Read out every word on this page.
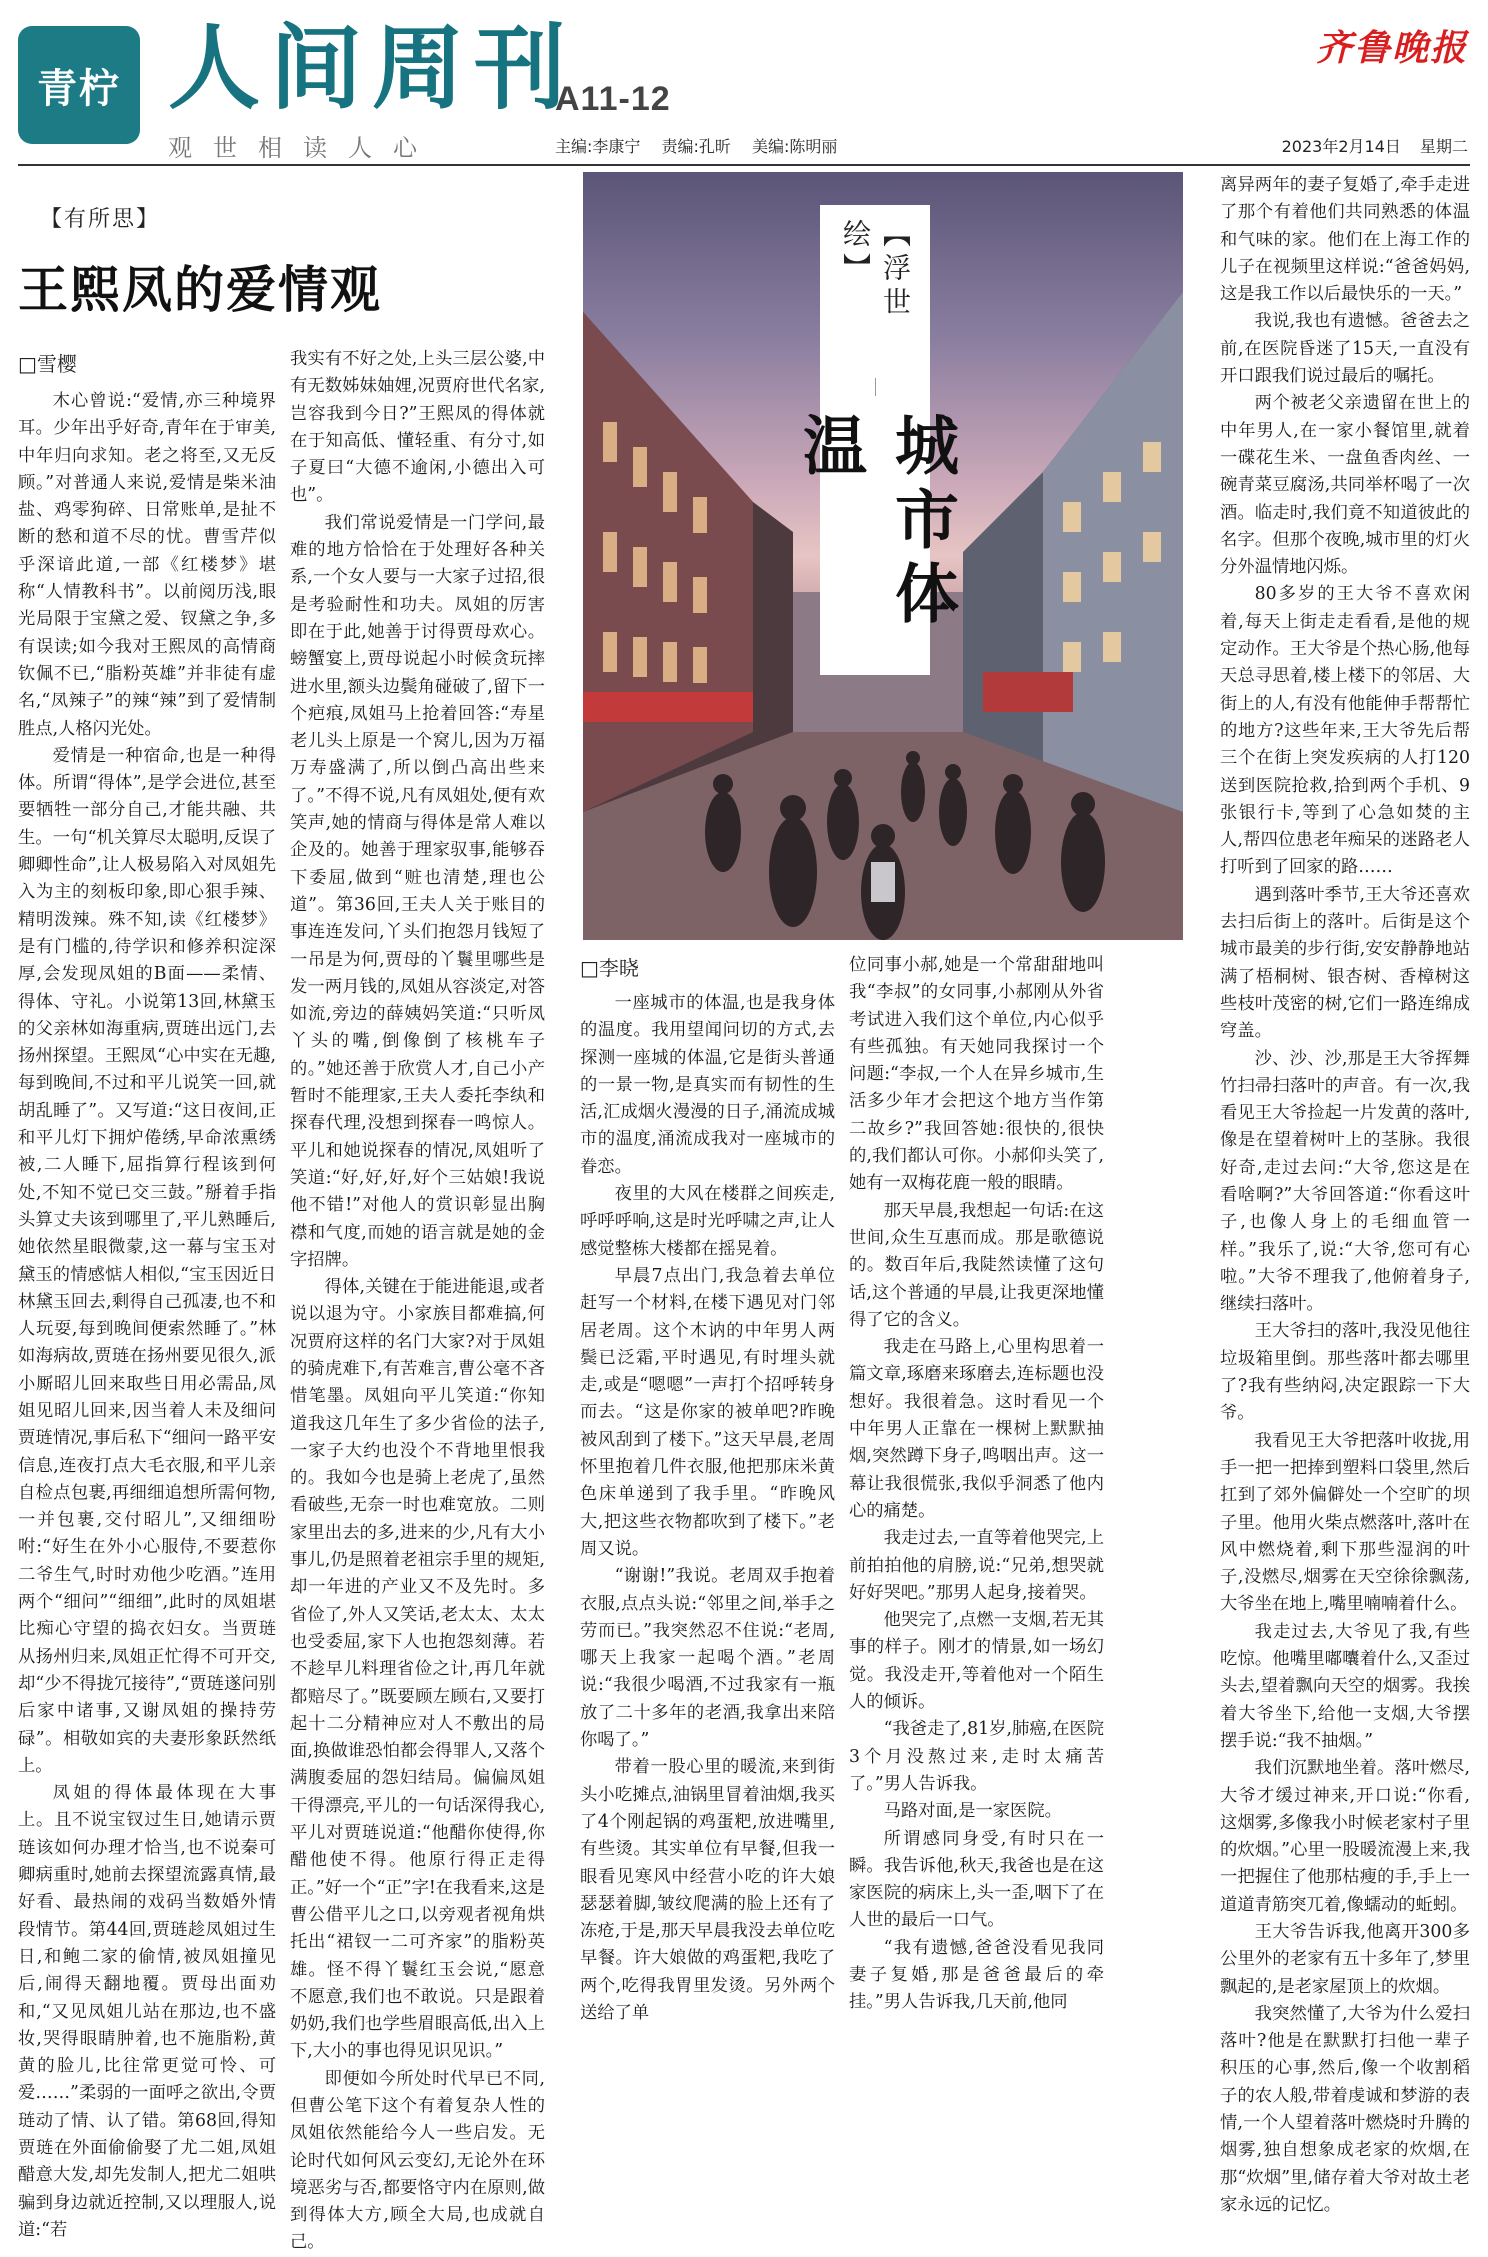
青柠 人间周刊
A11-12
观世相读人心	主编:李康宁 责编:孔昕 美编:陈明丽
齐鲁晚报
2023年2月14日 星期二
【有所思】
王熙凤的爱情观
□雪樱

木心曾说:“爱情,亦三种境界耳。少年出乎好奇,青年在于审美,中年归向求知。老之将至,又无反顾。”对普通人来说,爱情是柴米油盐、鸡零狗碎、日常账单,是扯不断的愁和道不尽的忧。曹雪芹似乎深谙此道,一部《红楼梦》堪称“人情教科书”。以前阅历浅,眼光局限于宝黛之爱、钗黛之争,多有误读;如今我对王熙凤的高情商钦佩不已,“脂粉英雄”并非徒有虚名,“凤辣子”的辣“辣”到了爱情制胜点,人格闪光处。

爱情是一种宿命,也是一种得体。所谓“得体”,是学会进位,甚至要牺牲一部分自己,才能共融、共生。一句“机关算尽太聪明,反误了卿卿性命”,让人极易陷入对凤姐先入为主的刻板印象,即心狠手辣、精明泼辣。殊不知,读《红楼梦》是有门槛的,待学识和修养积淀深厚,会发现凤姐的B面——柔情、得体、守礼。小说第13回,林黛玉的父亲林如海重病,贾琏出远门,去扬州探望。王熙凤“心中实在无趣,每到晚间,不过和平儿说笑一回,就胡乱睡了”。又写道:“这日夜间,正和平儿灯下拥炉倦绣,早命浓熏绣被,二人睡下,屈指算行程该到何处,不知不觉已交三鼓。”掰着手指头算丈夫该到哪里了,平儿熟睡后,她依然星眼微蒙,这一幕与宝玉对黛玉的情感惦人相似,“宝玉因近日林黛玉回去,剩得自己孤凄,也不和人玩耍,每到晚间便索然睡了。”林如海病故,贾琏在扬州要见很久,派小厮昭儿回来取些日用必需品,凤姐见昭儿回来,因当着人未及细问贾琏情况,事后私下“细问一路平安信息,连夜打点大毛衣服,和平儿亲自检点包裹,再细细追想所需何物,一并包裹,交付昭儿”,又细细吩咐:“好生在外小心服侍,不要惹你二爷生气,时时劝他少吃酒。”连用两个“细问”“细细”,此时的凤姐堪比痴心守望的捣衣妇女。当贾琏从扬州归来,凤姐正忙得不可开交,却“少不得拢冗接待”,“贾琏遂问别后家中诸事,又谢凤姐的操持劳碌”。相敬如宾的夫妻形象跃然纸上。

凤姐的得体最体现在大事上。且不说宝钗过生日,她请示贾琏该如何办理才恰当,也不说秦可卿病重时,她前去探望流露真情,最好看、最热闹的戏码当数婚外情段情节。第44回,贾琏趁凤姐过生日,和鲍二家的偷情,被凤姐撞见后,闹得天翻地覆。贾母出面劝和,“又见凤姐儿站在那边,也不盛妆,哭得眼睛肿着,也不施脂粉,黄黄的脸儿,比往常更觉可怜、可爱……”柔弱的一面呼之欲出,令贾琏动了情、认了错。第68回,得知贾琏在外面偷偷娶了尤二姐,凤姐醋意大发,却先发制人,把尤二姐哄骗到身边就近控制,又以理服人,说道:“若

我实有不好之处,上头三层公婆,中有无数姊妹妯娌,况贾府世代名家,岂容我到今日?”王熙凤的得体就在于知高低、懂轻重、有分寸,如子夏曰“大德不逾闲,小德出入可也”。

我们常说爱情是一门学问,最难的地方恰恰在于处理好各种关系,一个女人要与一大家子过招,很是考验耐性和功夫。凤姐的厉害即在于此,她善于讨得贾母欢心。螃蟹宴上,贾母说起小时候贪玩摔进水里,额头边鬓角碰破了,留下一个疤痕,凤姐马上抢着回答:“寿星老儿头上原是一个窝儿,因为万福万寿盛满了,所以倒凸高出些来了。”不得不说,凡有凤姐处,便有欢笑声,她的情商与得体是常人难以企及的。她善于理家驭事,能够吞下委屈,做到“赃也清楚,理也公道”。第36回,王夫人关于账目的事连连发问,丫头们抱怨月钱短了一吊是为何,贾母的丫鬟里哪些是发一两月钱的,凤姐从容淡定,对答如流,旁边的薛姨妈笑道:“只听凤丫头的嘴,倒像倒了核桃车子的。”她还善于欣赏人才,自己小产暂时不能理家,王夫人委托李纨和探春代理,没想到探春一鸣惊人。平儿和她说探春的情况,凤姐听了笑道:“好,好,好,好个三姑娘!我说他不错!”对他人的赏识彰显出胸襟和气度,而她的语言就是她的金字招牌。

得体,关键在于能进能退,或者说以退为守。小家族目都难搞,何况贾府这样的名门大家?对于凤姐的骑虎难下,有苦难言,曹公毫不吝惜笔墨。凤姐向平儿笑道:“你知道我这几年生了多少省俭的法子,一家子大约也没个不背地里恨我的。我如今也是骑上老虎了,虽然看破些,无奈一时也难宽放。二则家里出去的多,进来的少,凡有大小事儿,仍是照着老祖宗手里的规矩,却一年进的产业又不及先时。多省俭了,外人又笑话,老太太、太太也受委屈,家下人也抱怨刻薄。若不趁早儿料理省俭之计,再几年就都赔尽了。”既要顾左顾右,又要打起十二分精神应对人不敷出的局面,换做谁恐怕都会得罪人,又落个满腹委屈的怨妇结局。偏偏凤姐干得漂亮,平儿的一句话深得我心,平儿对贾琏说道:“他醋你使得,你醋他使不得。他原行得正走得正。”好一个“正”字!在我看来,这是曹公借平儿之口,以旁观者视角烘托出“裙钗一二可齐家”的脂粉英雄。怪不得丫鬟红玉会说,“愿意不愿意,我们也不敢说。只是跟着奶奶,我们也学些眉眼高低,出入上下,大小的事也得见识见识。”

即便如今所处时代早已不同,但曹公笔下这个有着复杂人性的凤姐依然能给今人一些启发。无论时代如何风云变幻,无论外在环境恶劣与否,都要恪守内在原则,做到得体大方,顾全大局,也成就自己。

【浮世绘】
城市体温
□李晓

一座城市的体温,也是我身体的温度。我用望闻问切的方式,去探测一座城的体温,它是街头普通的一景一物,是真实而有韧性的生活,汇成烟火漫漫的日子,涌流成城市的温度,涌流成我对一座城市的眷恋。

夜里的大风在楼群之间疾走,呼呼呼响,这是时光呼啸之声,让人感觉整栋大楼都在摇晃着。

早晨7点出门,我急着去单位赶写一个材料,在楼下遇见对门邻居老周。这个木讷的中年男人两鬓已泛霜,平时遇见,有时埋头就走,或是“嗯嗯”一声打个招呼转身而去。“这是你家的被单吧?昨晚被风刮到了楼下。”这天早晨,老周怀里抱着几件衣服,他把那床米黄色床单递到了我手里。“昨晚风大,把这些衣物都吹到了楼下。”老周又说。

“谢谢!”我说。老周双手抱着衣服,点点头说:“邻里之间,举手之劳而已。”我突然忍不住说:“老周,哪天上我家一起喝个酒。”老周说:“我很少喝酒,不过我家有一瓶放了二十多年的老酒,我拿出来陪你喝了。”

带着一股心里的暖流,来到街头小吃摊点,油锅里冒着油烟,我买了4个刚起锅的鸡蛋粑,放进嘴里,有些烫。其实单位有早餐,但我一眼看见寒风中经营小吃的许大娘瑟瑟着脚,皱纹爬满的脸上还有了冻疮,于是,那天早晨我没去单位吃早餐。许大娘做的鸡蛋粑,我吃了两个,吃得我胃里发烫。另外两个送给了单

位同事小郝,她是一个常甜甜地叫我“李叔”的女同事,小郝刚从外省考试进入我们这个单位,内心似乎有些孤独。有天她同我探讨一个问题:“李叔,一个人在异乡城市,生活多少年才会把这个地方当作第二故乡?”我回答她:很快的,很快的,我们都认可你。小郝仰头笑了,她有一双梅花鹿一般的眼睛。

那天早晨,我想起一句话:在这世间,众生互惠而成。那是歌德说的。数百年后,我陡然读懂了这句话,这个普通的早晨,让我更深地懂得了它的含义。

我走在马路上,心里构思着一篇文章,琢磨来琢磨去,连标题也没想好。我很着急。这时看见一个中年男人正靠在一棵树上默默抽烟,突然蹲下身子,鸣咽出声。这一幕让我很慌张,我似乎洞悉了他内心的痛楚。

我走过去,一直等着他哭完,上前拍拍他的肩膀,说:“兄弟,想哭就好好哭吧。”那男人起身,接着哭。

他哭完了,点燃一支烟,若无其事的样子。刚才的情景,如一场幻觉。我没走开,等着他对一个陌生人的倾诉。

“我爸走了,81岁,肺癌,在医院3个月没熬过来,走时太痛苦了。”男人告诉我。

马路对面,是一家医院。

所谓感同身受,有时只在一瞬。我告诉他,秋天,我爸也是在这家医院的病床上,头一歪,咽下了在人世的最后一口气。

“我有遗憾,爸爸没看见我同妻子复婚,那是爸爸最后的牵挂。”男人告诉我,几天前,他同

离异两年的妻子复婚了,牵手走进了那个有着他们共同熟悉的体温和气味的家。他们在上海工作的儿子在视频里这样说:“爸爸妈妈,这是我工作以后最快乐的一天。”

我说,我也有遗憾。爸爸去之前,在医院昏迷了15天,一直没有开口跟我们说过最后的嘱托。

两个被老父亲遗留在世上的中年男人,在一家小餐馆里,就着一碟花生米、一盘鱼香肉丝、一碗青菜豆腐汤,共同举杯喝了一次酒。临走时,我们竟不知道彼此的名字。但那个夜晚,城市里的灯火分外温情地闪烁。

80多岁的王大爷不喜欢闲着,每天上街走走看看,是他的规定动作。王大爷是个热心肠,他每天总寻思着,楼上楼下的邻居、大街上的人,有没有他能伸手帮帮忙的地方?这些年来,王大爷先后帮三个在街上突发疾病的人打120送到医院抢救,拾到两个手机、9张银行卡,等到了心急如焚的主人,帮四位患老年痴呆的迷路老人打听到了回家的路……

遇到落叶季节,王大爷还喜欢去扫后街上的落叶。后街是这个城市最美的步行街,安安静静地站满了梧桐树、银杏树、香樟树这些枝叶茂密的树,它们一路连绵成穹盖。

沙、沙、沙,那是王大爷挥舞竹扫帚扫落叶的声音。有一次,我看见王大爷捡起一片发黄的落叶,像是在望着树叶上的茎脉。我很好奇,走过去问:“大爷,您这是在看啥啊?”大爷回答道:“你看这叶子,也像人身上的毛细血管一样。”我乐了,说:“大爷,您可有心啦。”大爷不理我了,他俯着身子,继续扫落叶。

王大爷扫的落叶,我没见他往垃圾箱里倒。那些落叶都去哪里了?我有些纳闷,决定跟踪一下大爷。

我看见王大爷把落叶收拢,用手一把一把捧到塑料口袋里,然后扛到了郊外偏僻处一个空旷的坝子里。他用火柴点燃落叶,落叶在风中燃烧着,剩下那些湿润的叶子,没燃尽,烟雾在天空徐徐飘荡,大爷坐在地上,嘴里喃喃着什么。

我走过去,大爷见了我,有些吃惊。他嘴里嘟囔着什么,又歪过头去,望着飘向天空的烟雾。我挨着大爷坐下,给他一支烟,大爷摆摆手说:“我不抽烟。”

我们沉默地坐着。落叶燃尽,大爷才缓过神来,开口说:“你看,这烟雾,多像我小时候老家村子里的炊烟。”心里一股暖流漫上来,我一把握住了他那枯瘦的手,手上一道道青筋突兀着,像蠕动的蚯蚓。

王大爷告诉我,他离开300多公里外的老家有五十多年了,梦里飘起的,是老家屋顶上的炊烟。

我突然懂了,大爷为什么爱扫落叶?他是在默默打扫他一辈子积压的心事,然后,像一个收割稻子的农人般,带着虔诚和梦游的表情,一个人望着落叶燃烧时升腾的烟雾,独自想象成老家的炊烟,在那“炊烟”里,储存着大爷对故土老家永远的记忆。
